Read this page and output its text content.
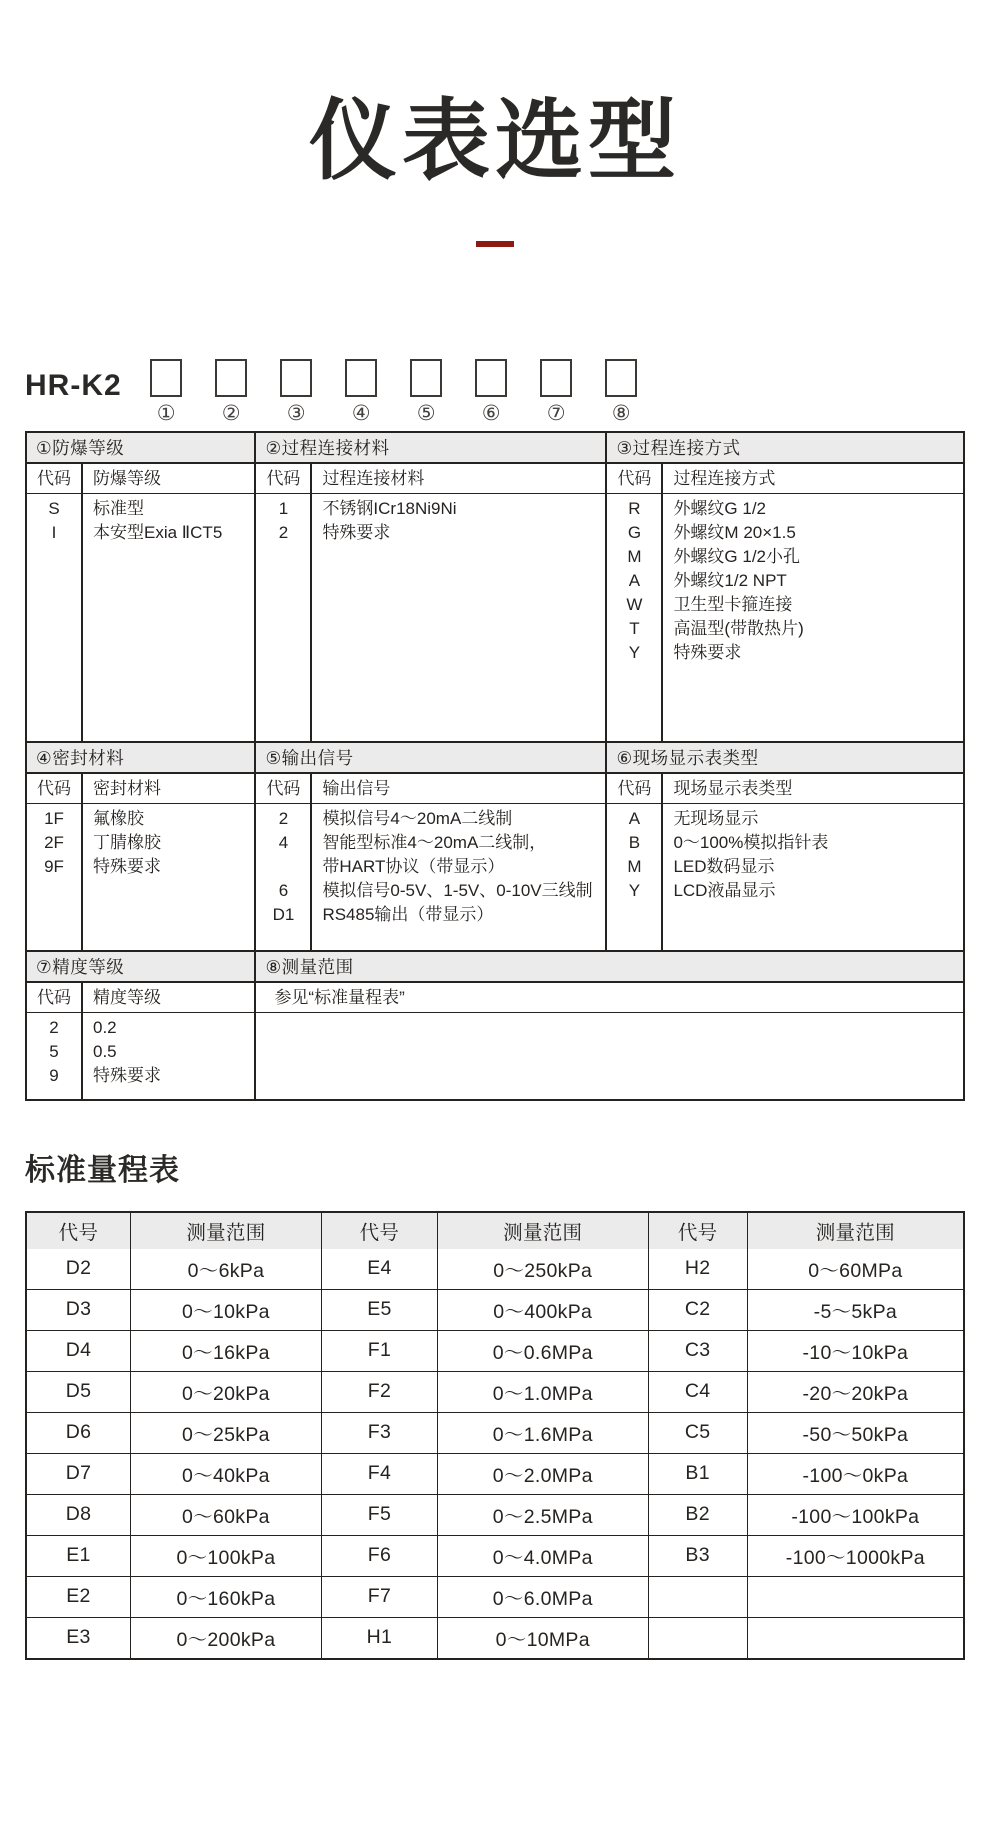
仪表选型
HR-K2
① ② ③ ④ ⑤ ⑥ ⑦ ⑧
①防爆等级
代码	防爆等级
S	标准型
I	本安型Exia ⅡCT5
②过程连接材料
代码	过程连接材料
1	不锈钢ICr18Ni9Ni
2	特殊要求
③过程连接方式
代码	过程连接方式
R	外螺纹G 1/2
G	外螺纹M 20×1.5
M	外螺纹G 1/2小孔
A	外螺纹1/2 NPT
W	卫生型卡箍连接
T	高温型(带散热片)
Y	特殊要求
④密封材料
代码	密封材料
1F	氟橡胶
2F	丁腈橡胶
9F	特殊要求
⑤输出信号
代码	输出信号
2	模拟信号4～20mA二线制
4	智能型标准4～20mA二线制，
带HART协议（带显示）
6	模拟信号0-5V、1-5V、0-10V三线制
D1	RS485输出（带显示）
⑥现场显示表类型
代码	现场显示表类型
A	无现场显示
B	0～100%模拟指针表
M	LED数码显示
Y	LCD液晶显示
⑦精度等级
代码	精度等级
2	0.2
5	0.5
9	特殊要求
⑧测量范围
参见“标准量程表”
标准量程表
代号	测量范围	代号	测量范围	代号	测量范围
D2	0～6kPa	E4	0～250kPa	H2	0～60MPa
D3	0～10kPa	E5	0～400kPa	C2	-5～5kPa
D4	0～16kPa	F1	0～0.6MPa	C3	-10～10kPa
D5	0～20kPa	F2	0～1.0MPa	C4	-20～20kPa
D6	0～25kPa	F3	0～1.6MPa	C5	-50～50kPa
D7	0～40kPa	F4	0～2.0MPa	B1	-100～0kPa
D8	0～60kPa	F5	0～2.5MPa	B2	-100～100kPa
E1	0～100kPa	F6	0～4.0MPa	B3	-100～1000kPa
E2	0～160kPa	F7	0～6.0MPa
E3	0～200kPa	H1	0～10MPa
